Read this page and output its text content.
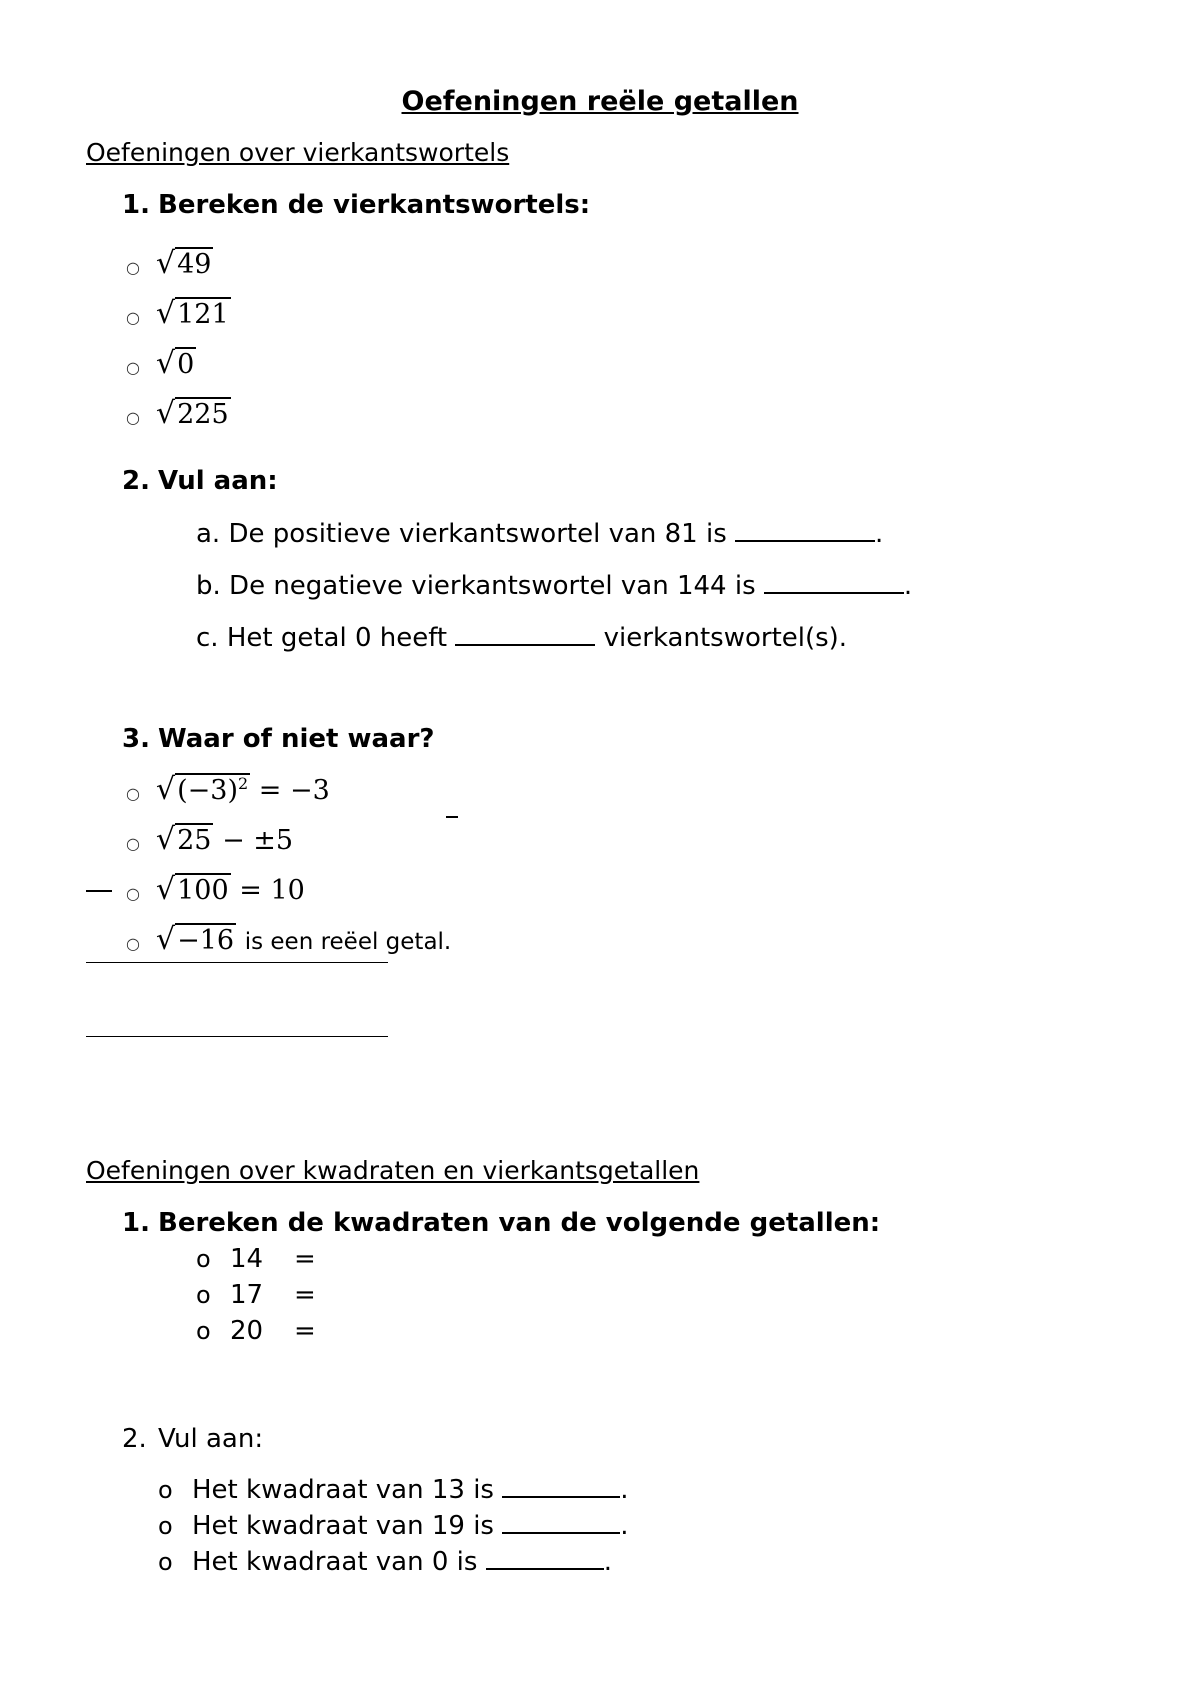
Oefeningen reële getallen
Oefeningen over vierkantswortels
1. Bereken de vierkantswortels:
○ √49
○ √121
○ √0
○ √225
2. Vul aan:
a. De positieve vierkantswortel van 81 is	.
b. De negatieve vierkantswortel van 144 is	.
c. Het getal 0 heeft	vierkantswortel(s).
3. Waar of niet waar?
○ $√(-3)^2 = -3$
○ √25 − ±5
○ √100 = 10
○ √−16 is een reëel getal.
Oefeningen over kwadraten en vierkantsgetallen
1. Bereken de kwadraten van de volgende getallen:
o 14 =
o 17 =
o 20 =
2. Vul aan:
o Het kwadraat van 13 is	.
o Het kwadraat van 19 is	.
o Het kwadraat van 0 is	.
